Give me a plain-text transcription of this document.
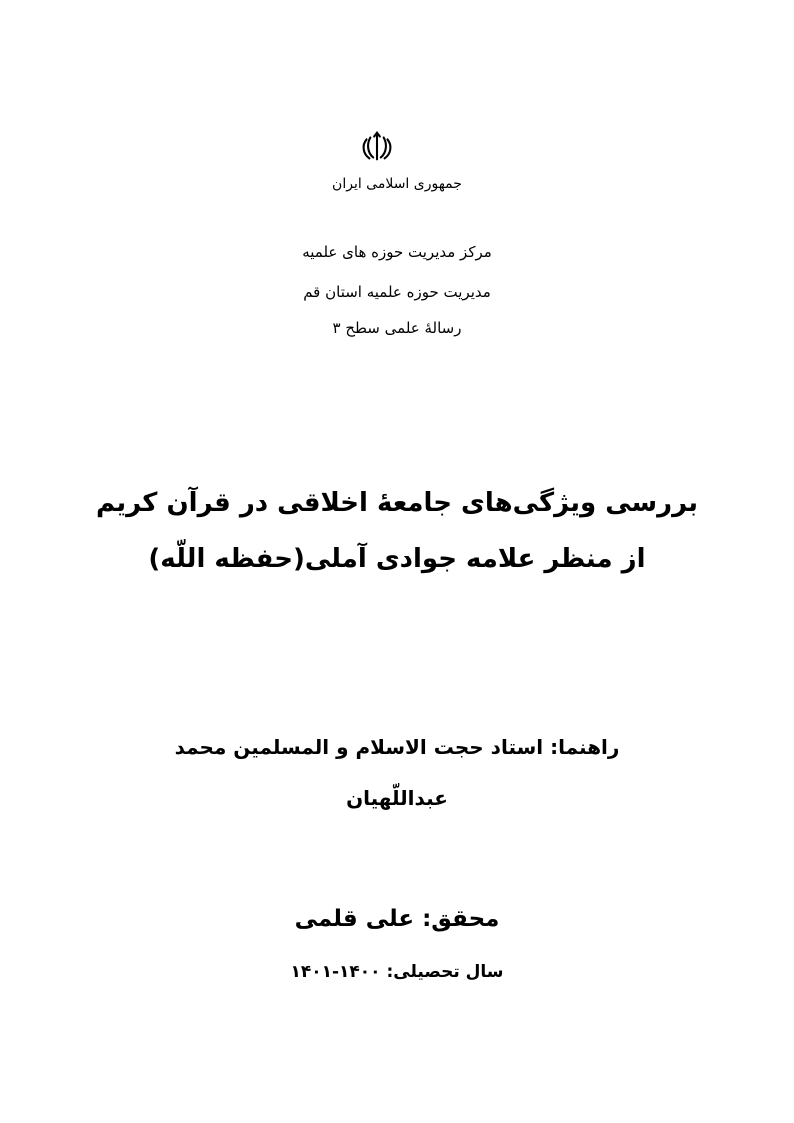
جمهوری اسلامی ایران
مرکز مدیریت حوزه های علمیه
مدیریت حوزه علمیه استان قم
رسالهٔ علمی سطح ۳
بررسی ویژگی‌های جامعهٔ اخلاقی در قرآن کریم
از منظر علامه جوادی آملی(حفظه اللّه)
راهنما: استاد حجت الاسلام و المسلمین محمد
عبداللّهیان
محقق: علی قلمی
سال تحصیلی: ۱۴۰۰-۱۴۰۱
